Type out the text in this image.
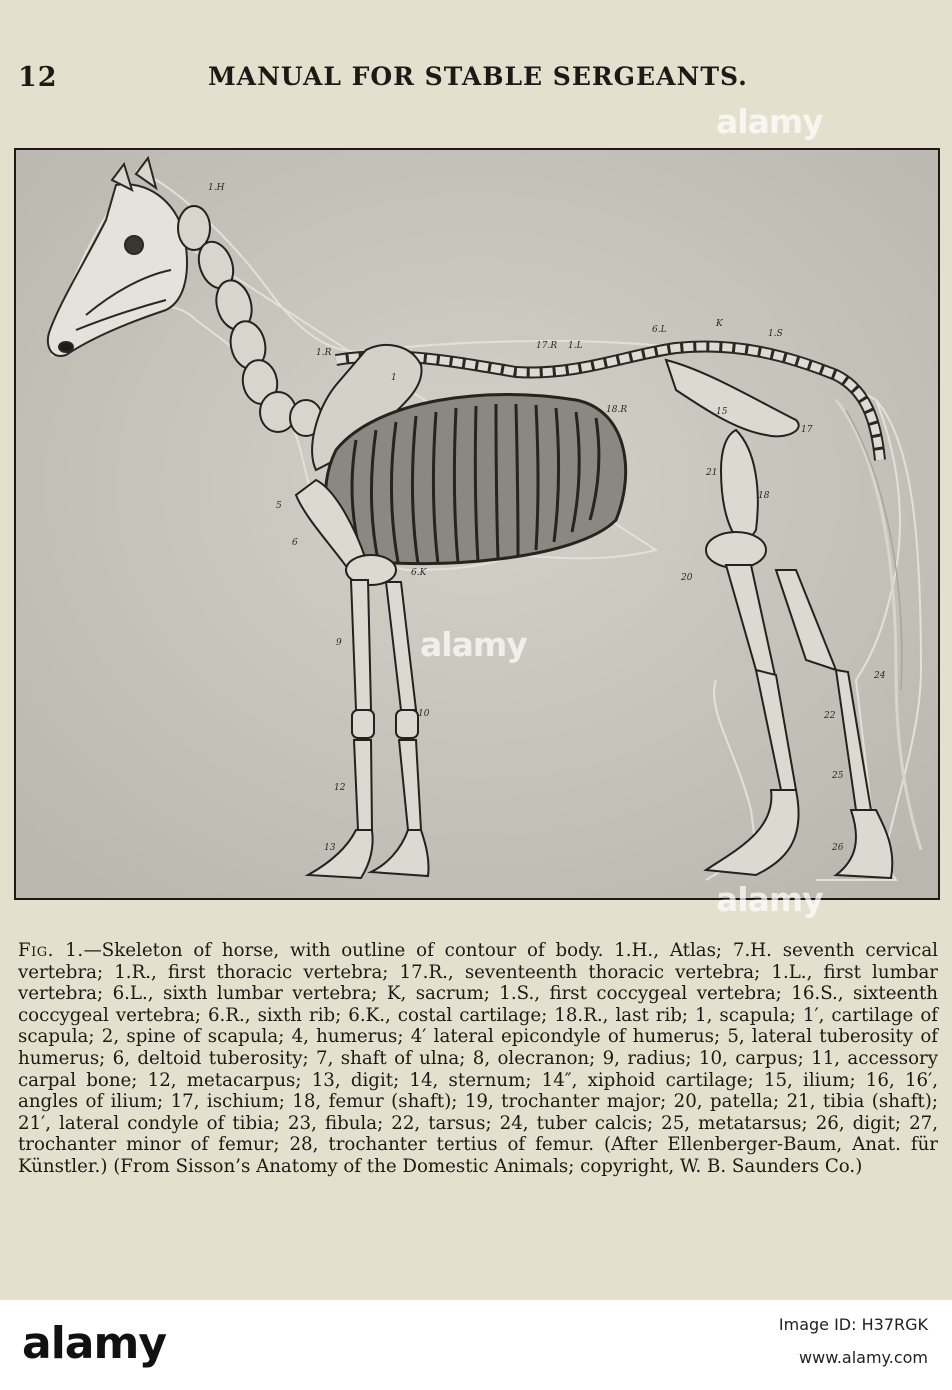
12	MANUAL FOR STABLE SERGEANTS.
1.H
1.R
17.R 1.L
6.L
K
1.S
18.R
6.K
1
5
6
9
10
12
13
15
17
18
21
20
22
24
25
26
Fig. 1.—Skeleton of horse, with outline of contour of body. 1.H., Atlas; 7.H. seventh cervical vertebra; 1.R., first thoracic vertebra; 17.R., seventeenth thoracic vertebra; 1.L., first lumbar vertebra; 6.L., sixth lumbar vertebra; K, sacrum; 1.S., first coccygeal vertebra; 16.S., sixteenth coccygeal vertebra; 6.R., sixth rib; 6.K., costal cartilage; 18.R., last rib; 1, scapula; 1′, cartilage of scapula; 2, spine of scapula; 4, humerus; 4′ lateral epicondyle of humerus; 5, lateral tuberosity of humerus; 6, deltoid tuberosity; 7, shaft of ulna; 8, olecranon; 9, radius; 10, carpus; 11, accessory carpal bone; 12, metacarpus; 13, digit; 14, sternum; 14″, xiphoid cartilage; 15, ilium; 16, 16′, angles of ilium; 17, ischium; 18, femur (shaft); 19, trochanter major; 20, patella; 21, tibia (shaft); 21′, lateral condyle of tibia; 23, fibula; 22, tarsus; 24, tuber calcis; 25, metatarsus; 26, digit; 27, trochanter minor of femur; 28, trochanter tertius of femur. (After Ellenberger-Baum, Anat. für Künstler.) (From Sisson’s Anatomy of the Domestic Animals; copyright, W. B. Saunders Co.)
alamy
alamy
alamy
alamy	Image ID: H37RGK
www.alamy.com
